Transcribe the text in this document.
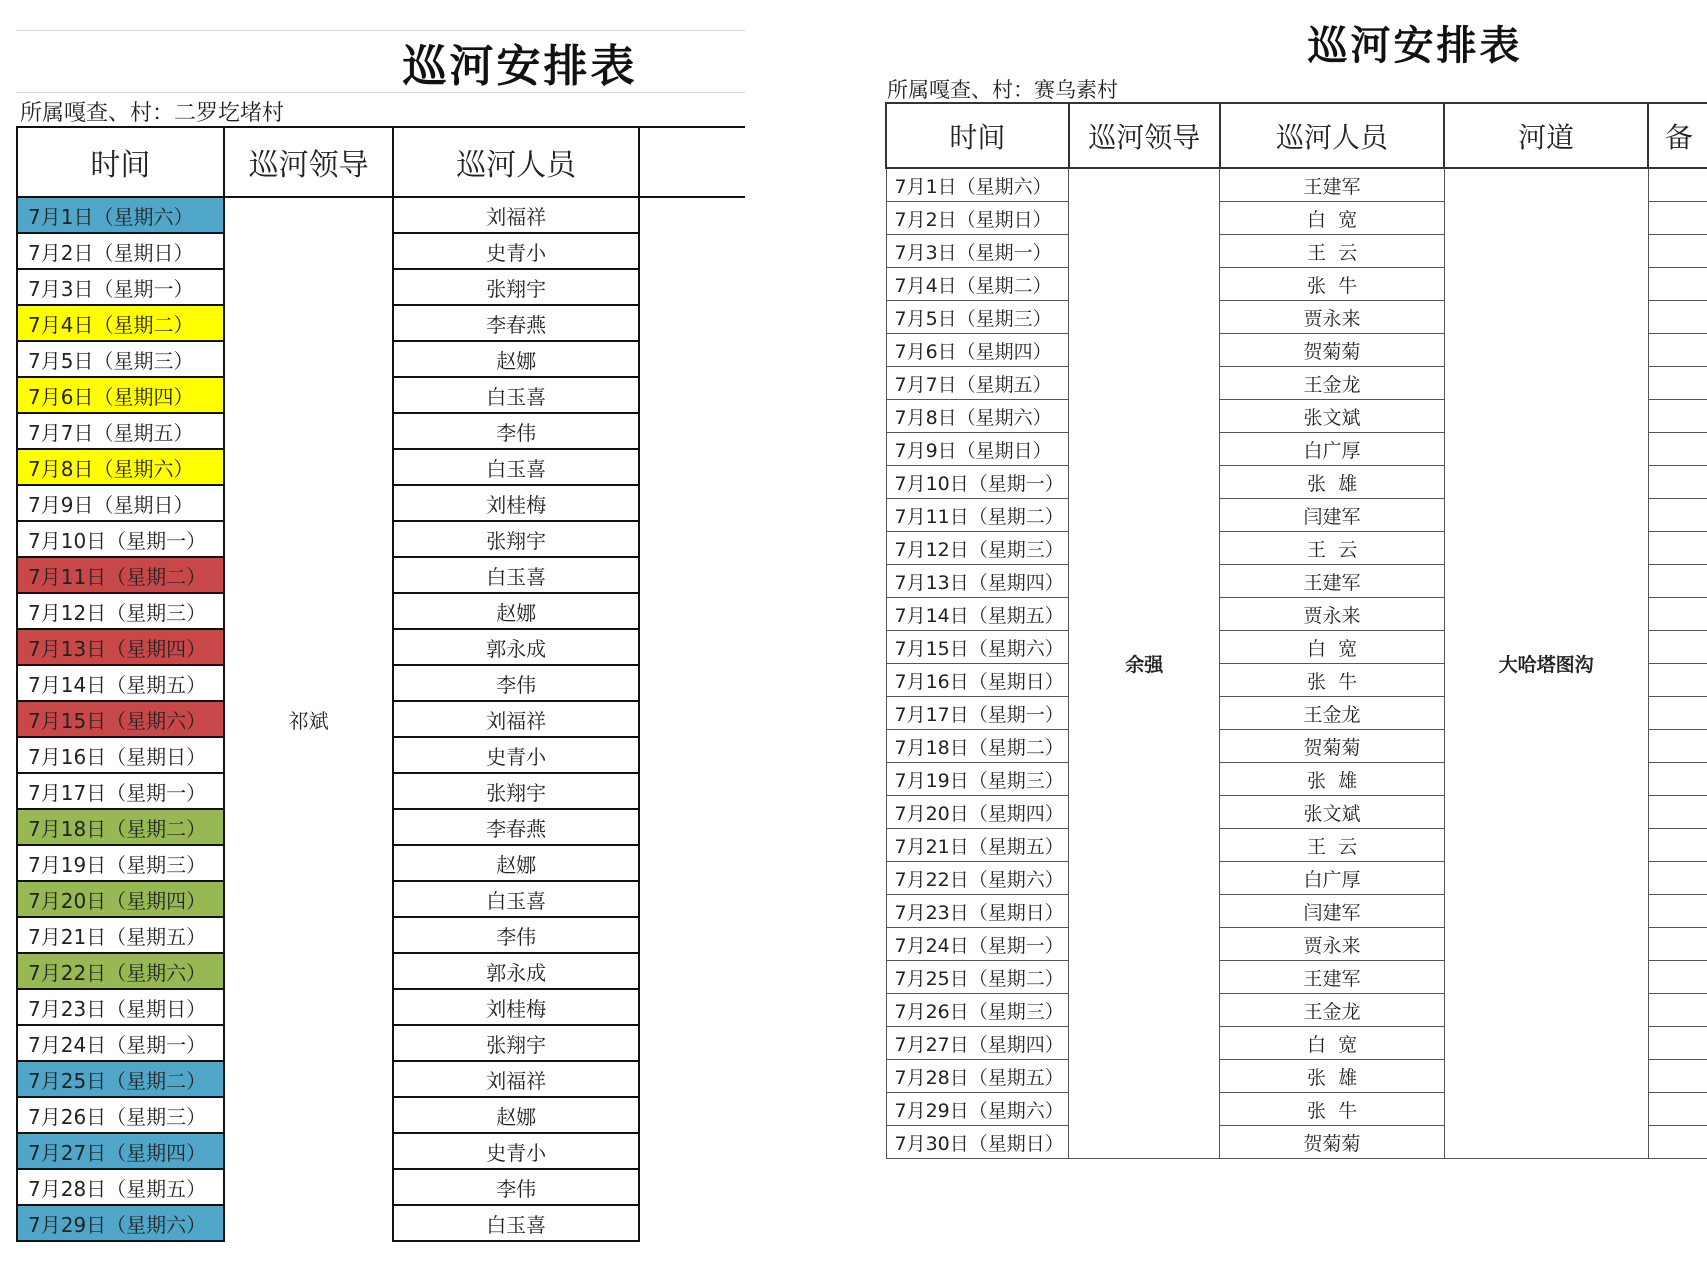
巡河安排表
所属嘎查、村：二罗圪堵村
时间	巡河领导	巡河人员	
7月1日（星期六）	祁斌	刘福祥	
7月2日（星期日）		史青小	
7月3日（星期一）		张翔宇	
7月4日（星期二）		李春燕	
7月5日（星期三）		赵娜	
7月6日（星期四）		白玉喜	
7月7日（星期五）		李伟	
7月8日（星期六）		白玉喜	
7月9日（星期日）		刘桂梅	
7月10日（星期一）		张翔宇	
7月11日（星期二）		白玉喜	
7月12日（星期三）		赵娜	
7月13日（星期四）		郭永成	
7月14日（星期五）		李伟	
7月15日（星期六）		刘福祥	
7月16日（星期日）		史青小	
7月17日（星期一）		张翔宇	
7月18日（星期二）		李春燕	
7月19日（星期三）		赵娜	
7月20日（星期四）		白玉喜	
7月21日（星期五）		李伟	
7月22日（星期六）		郭永成	
7月23日（星期日）		刘桂梅	
7月24日（星期一）		张翔宇	
7月25日（星期二）		刘福祥	
7月26日（星期三）		赵娜	
7月27日（星期四）		史青小	
7月28日（星期五）		李伟	
7月29日（星期六）		白玉喜	
巡河安排表
所属嘎查、村：赛乌素村
时间	巡河领导	巡河人员	河道	备
7月1日（星期六）	余强	王建军	大哈塔图沟	
7月2日（星期日）		白  宽		
7月3日（星期一）		王  云		
7月4日（星期二）		张  牛		
7月5日（星期三）		贾永来		
7月6日（星期四）		贺菊菊		
7月7日（星期五）		王金龙		
7月8日（星期六）		张文斌		
7月9日（星期日）		白广厚		
7月10日（星期一）		张  雄		
7月11日（星期二）		闫建军		
7月12日（星期三）		王  云		
7月13日（星期四）		王建军		
7月14日（星期五）		贾永来		
7月15日（星期六）		白  宽		
7月16日（星期日）		张  牛		
7月17日（星期一）		王金龙		
7月18日（星期二）		贺菊菊		
7月19日（星期三）		张  雄		
7月20日（星期四）		张文斌		
7月21日（星期五）		王  云		
7月22日（星期六）		白广厚		
7月23日（星期日）		闫建军		
7月24日（星期一）		贾永来		
7月25日（星期二）		王建军		
7月26日（星期三）		王金龙		
7月27日（星期四）		白  宽		
7月28日（星期五）		张  雄		
7月29日（星期六）		张  牛		
7月30日（星期日）		贺菊菊		
